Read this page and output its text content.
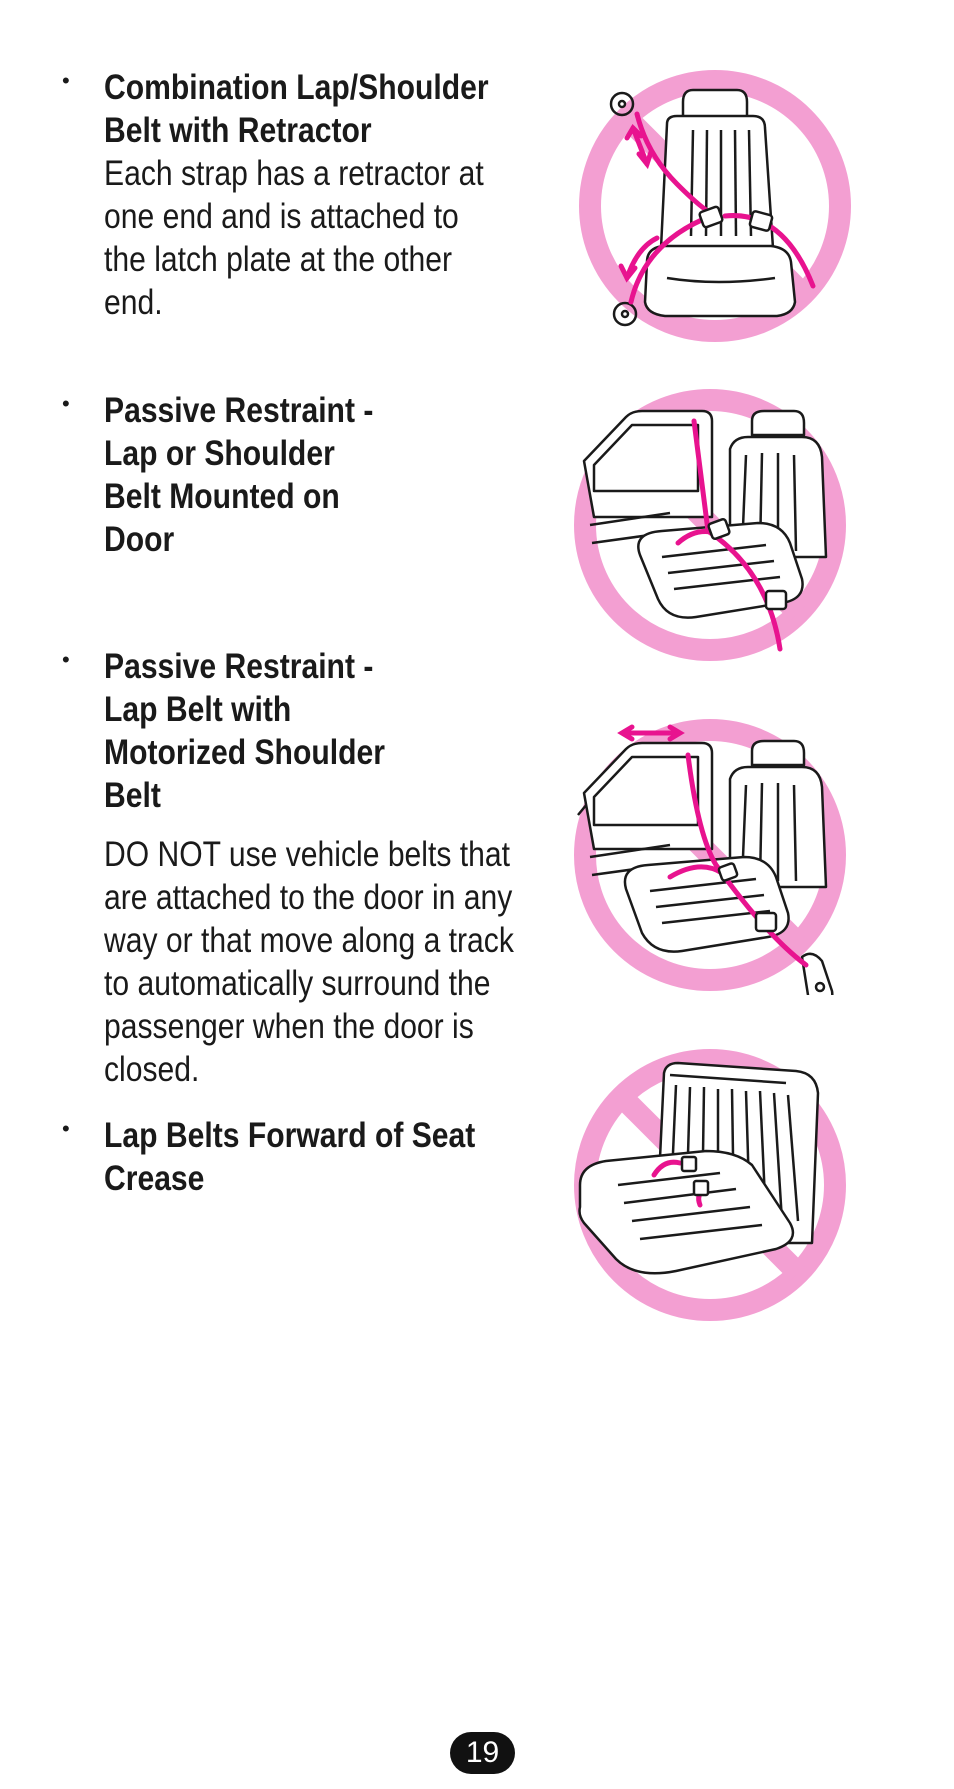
• Combination Lap/Shoulder Belt with Retractor

Each strap has a retractor at one end and is attached to the latch plate at the other end.

• Passive Restraint - Lap or Shoulder Belt Mounted on Door

• Passive Restraint - Lap Belt with Motorized Shoulder Belt

DO NOT use vehicle belts that are attached to the door in any way or that move along a track to automatically surround the passenger when the door is closed.

• Lap Belts Forward of Seat Crease

19
